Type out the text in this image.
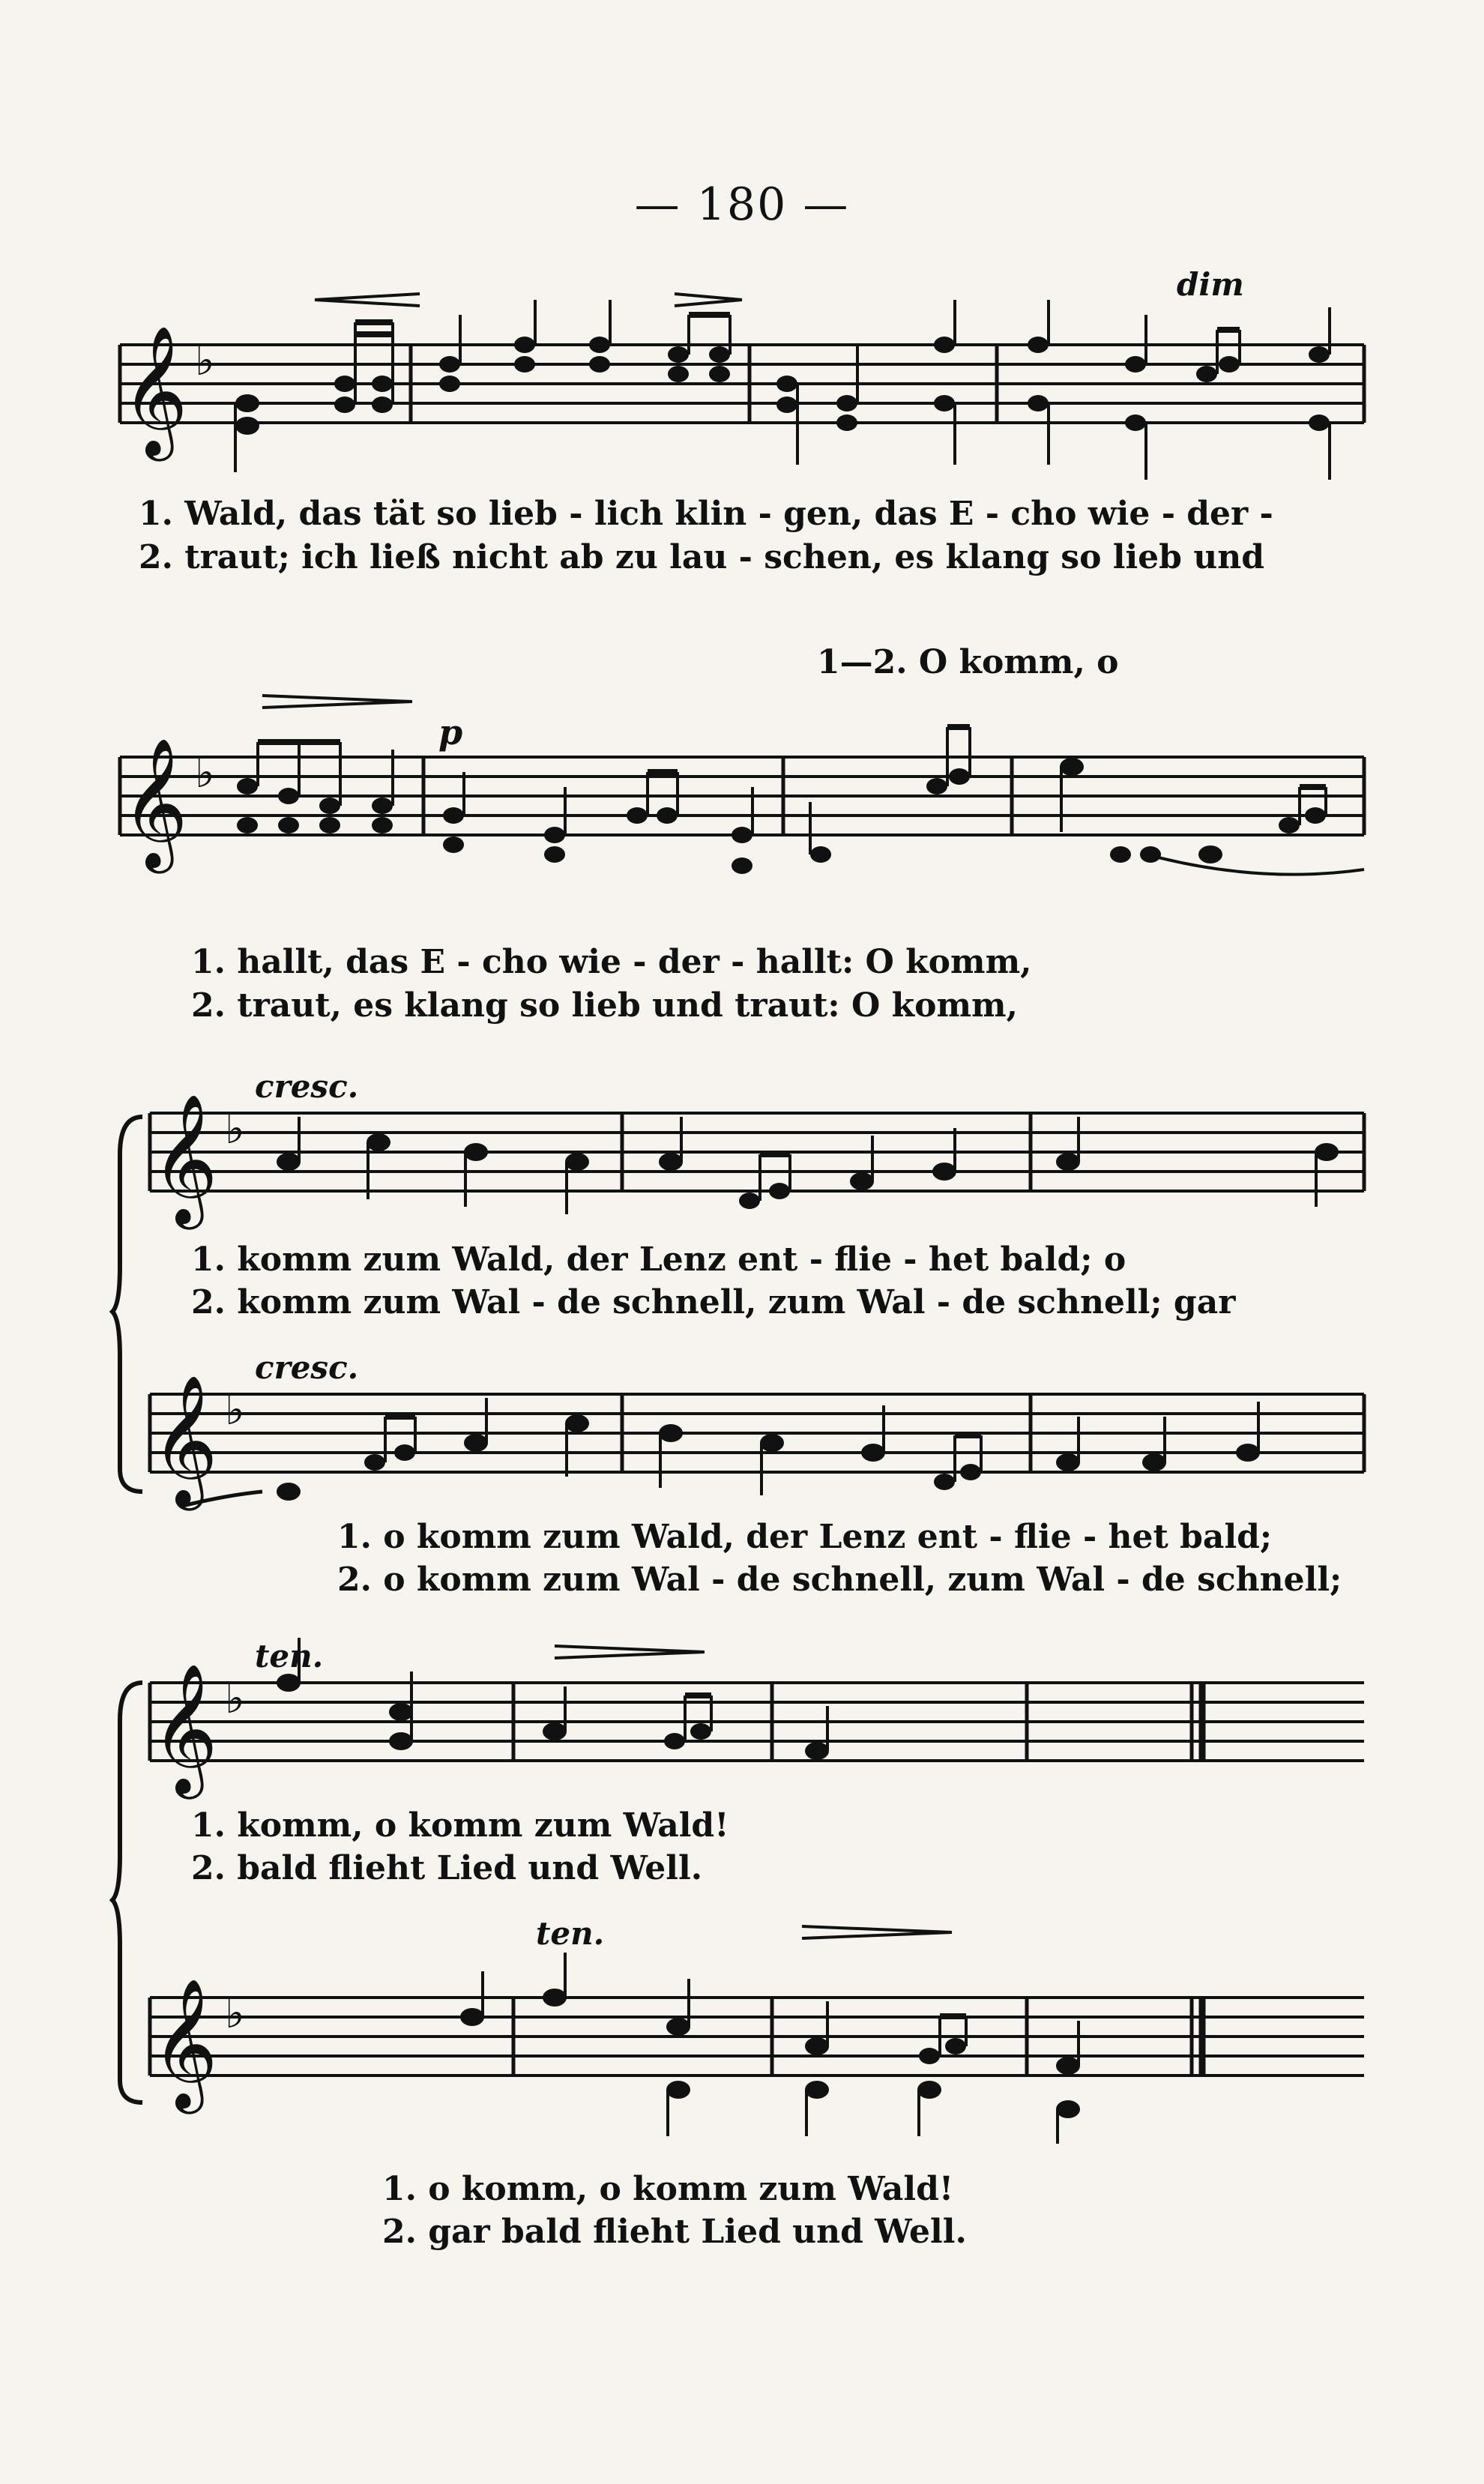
— 180 —
𝄞 ♭
dim
1. Wald, das tät so lieb - lich klin - gen, das E - cho wie - der -
2. traut; ich ließ nicht ab zu lau - schen, es klang so lieb und
1—2. O komm, o
𝄞 ♭
p
1. hallt, das E - cho wie - der - hallt: O komm,
2. traut, es klang so lieb und traut: O komm,
𝄞 ♭
𝄞 ♭
cresc.
1. komm zum Wald, der Lenz ent - flie - het bald; o
2. komm zum Wal - de schnell, zum Wal - de schnell; gar
cresc.
1. o komm zum Wald, der Lenz ent - flie - het bald;
2. o komm zum Wal - de schnell, zum Wal - de schnell;
𝄞 ♭
𝄞 ♭
ten.
1. komm, o komm zum Wald!
2. bald flieht Lied und Well.
ten.
1. o komm, o komm zum Wald!
2. gar bald flieht Lied und Well.
